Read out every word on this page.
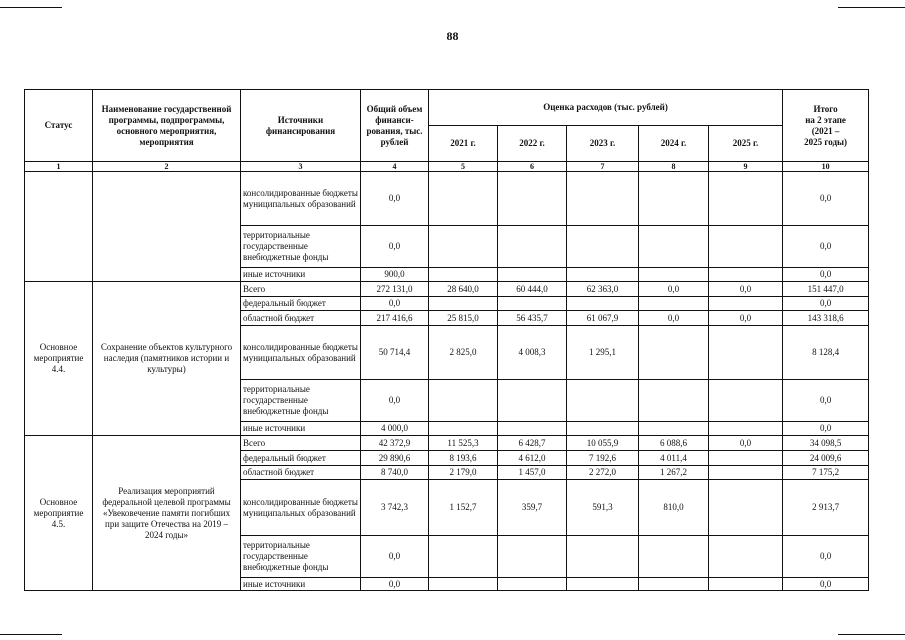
88
Статус	Наименование государственной программы, подпрограммы, основного мероприятия, мероприятия	Источники финансирования	Общий объем финанси-рования, тыс. рублей	Оценка расходов (тыс. рублей)					Итого
на 2 этапе
(2021 –
2025 годы)

				2021 г.	2022 г.	2023 г.	2024 г.	2025 г.	
1	2	3	4	5	6	7	8	9	10
		консолидированные бюджеты муниципальных образований	0,0						0,0
		территориальные государственные внебюджетные фонды	0,0						0,0
		иные источники	900,0						0,0
Основное мероприятие 4.4.	Сохранение объектов культурного наследия (памятников истории и культуры)	Всего	272 131,0	28 640,0	60 444,0	62 363,0	0,0	0,0	151 447,0
		федеральный бюджет	0,0						0,0
		областной бюджет	217 416,6	25 815,0	56 435,7	61 067,9	0,0	0,0	143 318,6
		консолидированные бюджеты муниципальных образований	50 714,4	2 825,0	4 008,3	1 295,1			8 128,4
		территориальные государственные внебюджетные фонды	0,0						0,0
		иные источники	4 000,0						0,0
Основное мероприятие 4.5.	Реализация мероприятий федеральной целевой программы «Увековечение памяти погибших при защите Отечества на 2019 – 2024 годы»	Всего	42 372,9	11 525,3	6 428,7	10 055,9	6 088,6	0,0	34 098,5
		федеральный бюджет	29 890,6	8 193,6	4 612,0	7 192,6	4 011,4		24 009,6
		областной бюджет	8 740,0	2 179,0	1 457,0	2 272,0	1 267,2		7 175,2
		консолидированные бюджеты муниципальных образований	3 742,3	1 152,7	359,7	591,3	810,0		2 913,7
		территориальные государственные внебюджетные фонды	0,0						0,0
		иные источники	0,0						0,0
